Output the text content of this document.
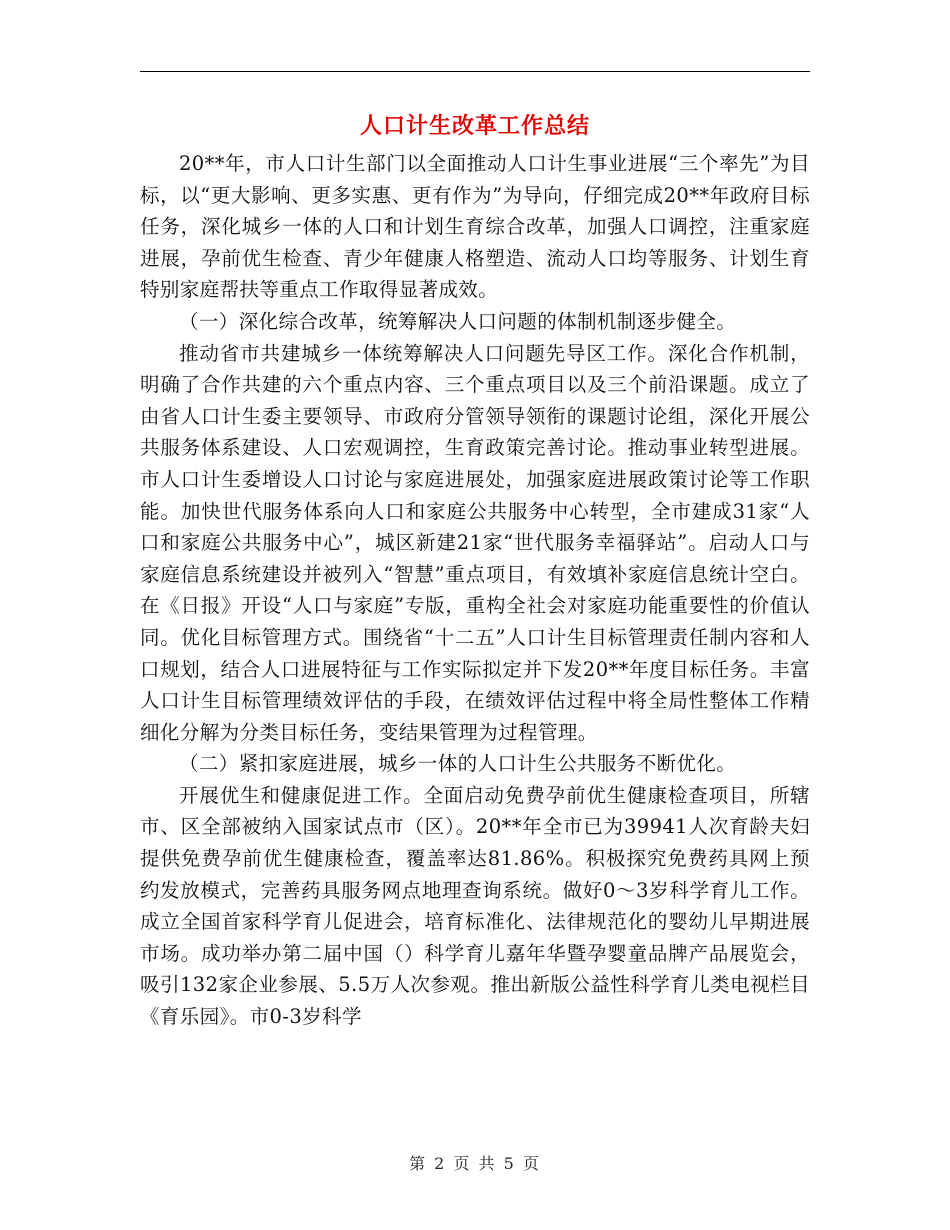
人口计生改革工作总结

20**年，市人口计生部门以全面推动人口计生事业进展“三个率先”为目标，以“更大影响、更多实惠、更有作为”为导向，仔细完成20**年政府目标任务，深化城乡一体的人口和计划生育综合改革，加强人口调控，注重家庭进展，孕前优生检查、青少年健康人格塑造、流动人口均等服务、计划生育特别家庭帮扶等重点工作取得显著成效。

（一）深化综合改革，统筹解决人口问题的体制机制逐步健全。

推动省市共建城乡一体统筹解决人口问题先导区工作。深化合作机制，明确了合作共建的六个重点内容、三个重点项目以及三个前沿课题。成立了由省人口计生委主要领导、市政府分管领导领衔的课题讨论组，深化开展公共服务体系建设、人口宏观调控，生育政策完善讨论。推动事业转型进展。市人口计生委增设人口讨论与家庭进展处，加强家庭进展政策讨论等工作职能。加快世代服务体系向人口和家庭公共服务中心转型，全市建成31家“人口和家庭公共服务中心”，城区新建21家“世代服务幸福驿站”。启动人口与家庭信息系统建设并被列入“智慧”重点项目，有效填补家庭信息统计空白。在《日报》开设“人口与家庭”专版，重构全社会对家庭功能重要性的价值认同。优化目标管理方式。围绕省“十二五”人口计生目标管理责任制内容和人口规划，结合人口进展特征与工作实际拟定并下发20**年度目标任务。丰富人口计生目标管理绩效评估的手段，在绩效评估过程中将全局性整体工作精细化分解为分类目标任务，变结果管理为过程管理。

（二）紧扣家庭进展，城乡一体的人口计生公共服务不断优化。

开展优生和健康促进工作。全面启动免费孕前优生健康检查项目，所辖市、区全部被纳入国家试点市（区）。20**年全市已为39941人次育龄夫妇提供免费孕前优生健康检查，覆盖率达81.86%。积极探究免费药具网上预约发放模式，完善药具服务网点地理查询系统。做好0～3岁科学育儿工作。成立全国首家科学育儿促进会，培育标准化、法律规范化的婴幼儿早期进展市场。成功举办第二届中国（）科学育儿嘉年华暨孕婴童品牌产品展览会，吸引132家企业参展、5.5万人次参观。推出新版公益性科学育儿类电视栏目《育乐园》。市0-3岁科学

第 2 页 共 5 页
